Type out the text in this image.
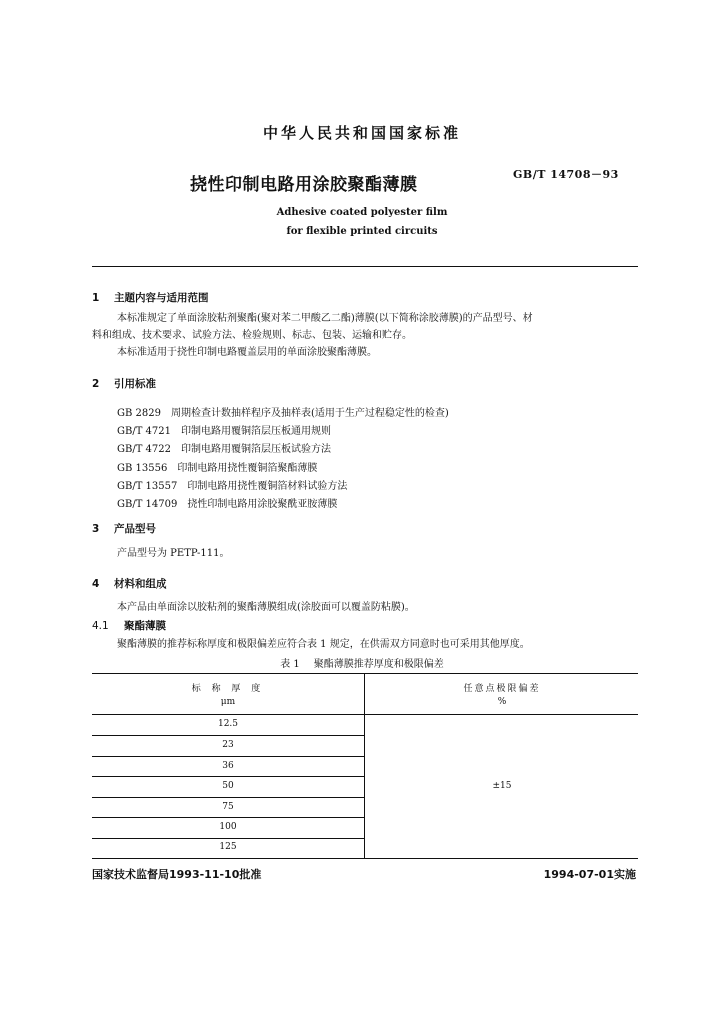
中华人民共和国国家标准
挠性印制电路用涂胶聚酯薄膜
GB/T 14708－93
Adhesive coated polyester film
for flexible printed circuits
1 主题内容与适用范围
本标准规定了单面涂胶粘剂聚酯(聚对苯二甲酸乙二酯)薄膜(以下简称涂胶薄膜)的产品型号、材
料和组成、技术要求、试验方法、检验规则、标志、包装、运输和贮存。
本标准适用于挠性印制电路覆盖层用的单面涂胶聚酯薄膜。
2 引用标准
GB 2829 周期检查计数抽样程序及抽样表(适用于生产过程稳定性的检查)
GB/T 4721 印制电路用覆铜箔层压板通用规则
GB/T 4722 印制电路用覆铜箔层压板试验方法
GB 13556 印制电路用挠性覆铜箔聚酯薄膜
GB/T 13557 印制电路用挠性覆铜箔材料试验方法
GB/T 14709 挠性印制电路用涂胶聚酰亚胺薄膜
3 产品型号
产品型号为 PETP-111。
4 材料和组成
本产品由单面涂以胶粘剂的聚酯薄膜组成(涂胶面可以覆盖防粘膜)。
4.1 聚酯薄膜
聚酯薄膜的推荐标称厚度和极限偏差应符合表 1 规定，在供需双方同意时也可采用其他厚度。
表 1 聚酯薄膜推荐厚度和极限偏差
标 称 厚 度
μm
任意点极限偏差
%
12.5
23
36
50
75
100
125
±15
国家技术监督局1993-11-10批准	1994-07-01实施
